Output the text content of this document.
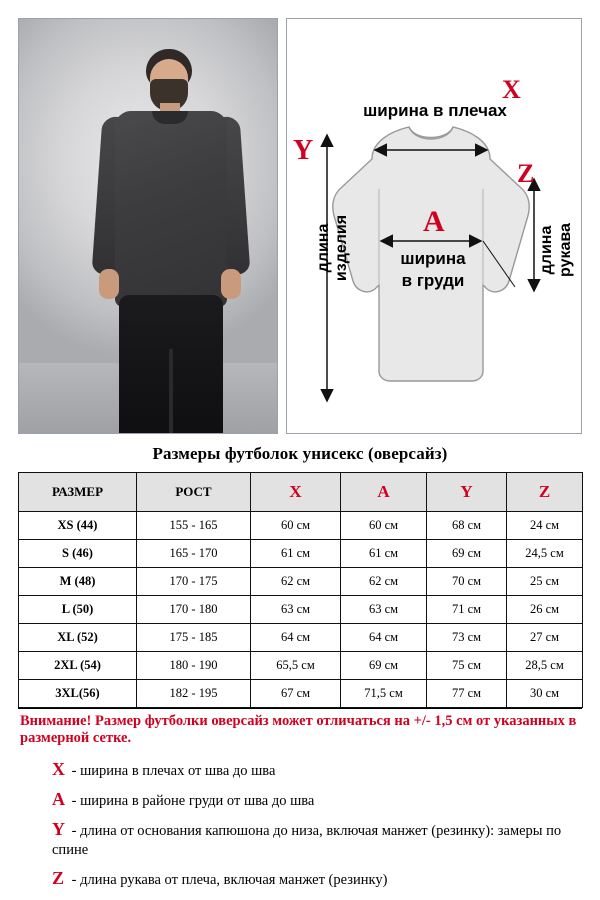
X
ширина в плечах
A
ширина
в груди
Y
длина изделия
Z
длина рукава
Размеры футболок унисекс (оверсайз)
РАЗМЕР	РОСТ	X	A	Y	Z
XS (44)	155 - 165	60 см	60 см	68 см	24 см
S (46)	165 - 170	61 см	61 см	69 см	24,5 см
M (48)	170 - 175	62 см	62 см	70 см	25 см
L (50)	170 - 180	63 см	63 см	71 см	26 см
XL (52)	175 - 185	64 см	64 см	73 см	27 см
2XL (54)	180 - 190	65,5 см	69 см	75 см	28,5 см
3XL(56)	182 - 195	67 см	71,5 см	77 см	30 см
Внимание! Размер футболки оверсайз может отличаться на +/- 1,5 см от указанных в размерной сетке.
X - ширина в плечах от шва до шва
A - ширина в районе груди от шва до шва
Y - длина от основания капюшона до низа, включая манжет (резинку): замеры по спине
Z - длина рукава от плеча, включая манжет (резинку)
